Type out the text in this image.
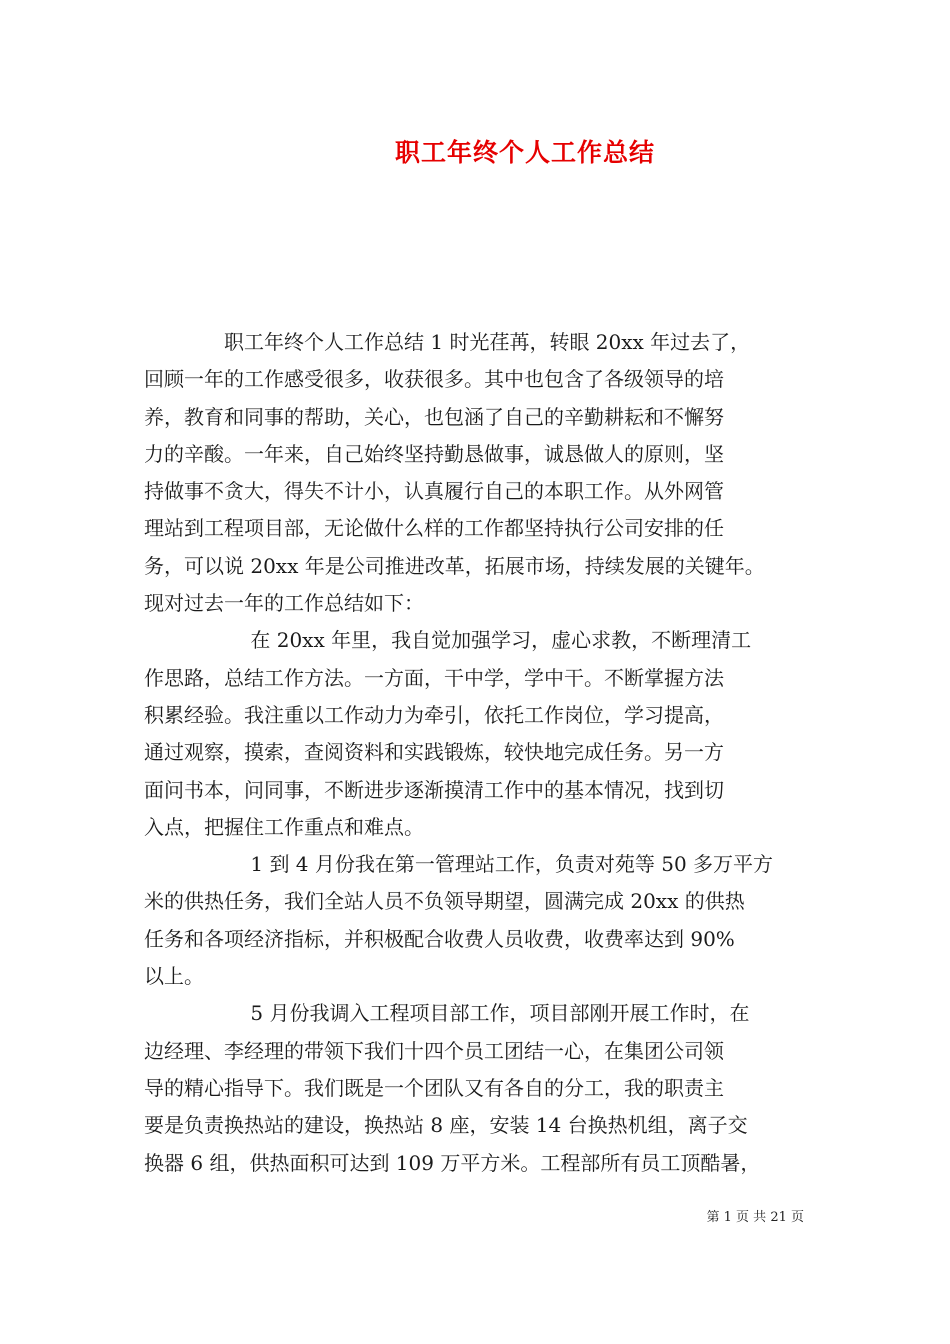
职工年终个人工作总结
　　　　职工年终个人工作总结 1 时光荏苒，转眼 20xx 年过去了，
回顾一年的工作感受很多，收获很多。其中也包含了各级领导的培
养，教育和同事的帮助，关心，也包涵了自己的辛勤耕耘和不懈努
力的辛酸。一年来，自己始终坚持勤恳做事，诚恳做人的原则，坚
持做事不贪大，得失不计小，认真履行自己的本职工作。从外网管
理站到工程项目部，无论做什么样的工作都坚持执行公司安排的任
务，可以说 20xx 年是公司推进改革，拓展市场，持续发展的关键年。
现对过去一年的工作总结如下：
　　　　　 在 20xx 年里，我自觉加强学习，虚心求教，不断理清工
作思路，总结工作方法。一方面，干中学，学中干。不断掌握方法
积累经验。我注重以工作动力为牵引，依托工作岗位，学习提高，
通过观察，摸索，查阅资料和实践锻炼，较快地完成任务。另一方
面问书本，问同事，不断进步逐渐摸清工作中的基本情况，找到切
入点，把握住工作重点和难点。
　　　　　 1 到 4 月份我在第一管理站工作，负责对苑等 50 多万平方
米的供热任务，我们全站人员不负领导期望，圆满完成 20xx 的供热
任务和各项经济指标，并积极配合收费人员收费，收费率达到 90%
以上。
　　　　　 5 月份我调入工程项目部工作，项目部刚开展工作时，在
边经理、李经理的带领下我们十四个员工团结一心，在集团公司领
导的精心指导下。我们既是一个团队又有各自的分工，我的职责主
要是负责换热站的建设，换热站 8 座，安装 14 台换热机组，离子交
换器 6 组，供热面积可达到 109 万平方米。工程部所有员工顶酷暑，
第 1 页 共 21 页
